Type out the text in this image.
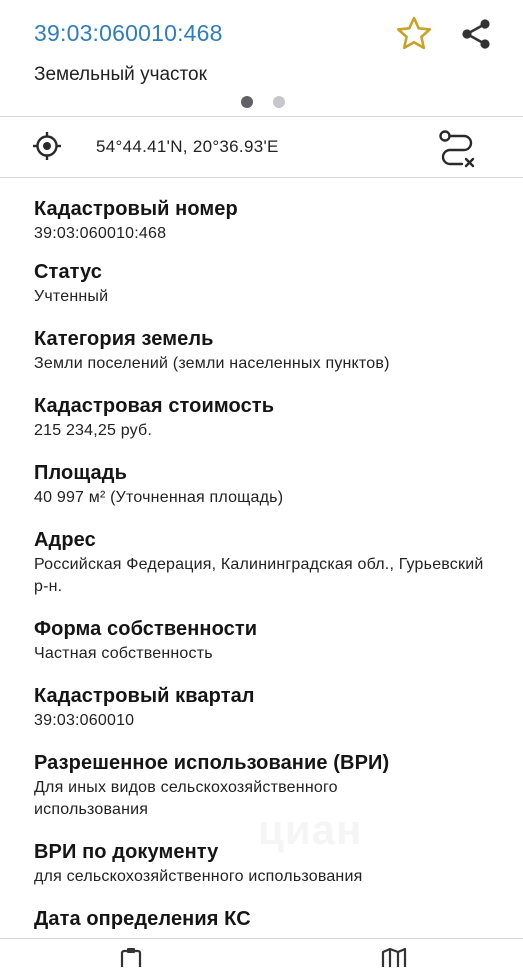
39:03:060010:468
Земельный участок
54°44.41'N, 20°36.93'E
Кадастровый номер
39:03:060010:468
Статус
Учтенный
Категория земель
Земли поселений (земли населенных пунктов)
Кадастровая стоимость
215 234,25 руб.
Площадь
40 997 м² (Уточненная площадь)
Адрес
Российская Федерация, Калининградская обл., Гурьевский р-н.
Форма собственности
Частная собственность
Кадастровый квартал
39:03:060010
Разрешенное использование (ВРИ)
Для иных видов сельскохозяйственного использования
ВРИ по документу
для сельскохозяйственного использования
Дата определения КС
циан
